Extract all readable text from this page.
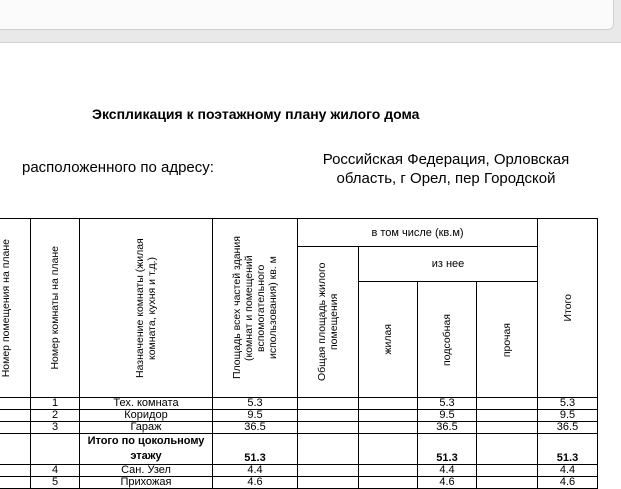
Экспликация к поэтажному плану жилого дома
расположенного по адресу:	Российская Федерация, Орловская область, г Орел, пер Городской
Номер помещения на плане	Номер комнаты на плане	Назначение комнаты (жилая комната, кухня и т.д.)	Площадь всех частей здания (комнат и помещений вспомогательного использования) кв. м	в том числе (кв.м)				Итого

				Общая площадь жилого помещения	из нее			

					жилая	подсобная	прочая	

	1	Тех. комната	5.3			5.3		5.3
	2	Коридор	9.5			9.5		9.5
	3	Гараж	36.5			36.5		36.5
		Итого по цокольному этажу	51.3			51.3		51.3
	4	Сан. Узел	4.4			4.4		4.4
	5	Прихожая	4.6			4.6		4.6
